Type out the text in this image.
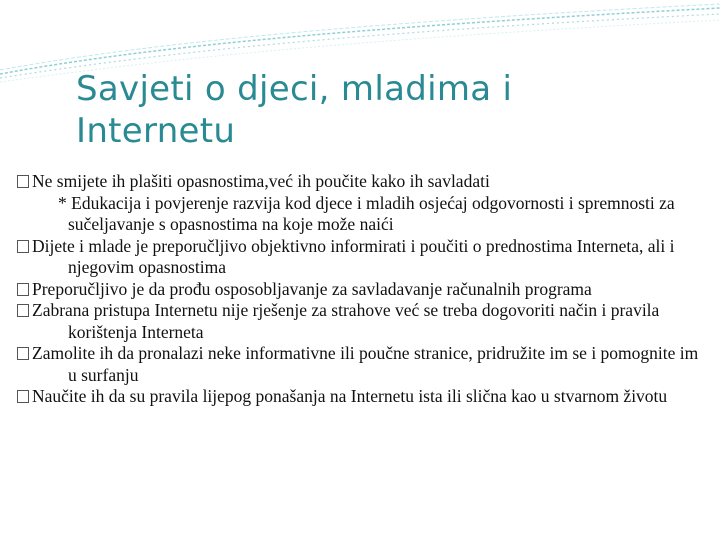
Savjeti o djeci, mladima i Internetu
Ne smijete ih plašiti opasnostima,već ih poučite kako ih savladati
* Edukacija i povjerenje razvija kod djece i mladih osjećaj odgovornosti i spremnosti za sučeljavanje s opasnostima na koje može naići
Dijete i mlade je preporučljivo objektivno informirati i poučiti o prednostima Interneta, ali i njegovim opasnostima
Preporučljivo je da prođu osposobljavanje za savladavanje računalnih programa
Zabrana pristupa Internetu nije rješenje za strahove već se treba dogovoriti način i pravila korištenja Interneta
Zamolite ih da pronalazi neke informativne ili poučne stranice, pridružite im se i pomognite im u surfanju
Naučite ih da su pravila lijepog ponašanja na Internetu ista ili slična kao u stvarnom životu
